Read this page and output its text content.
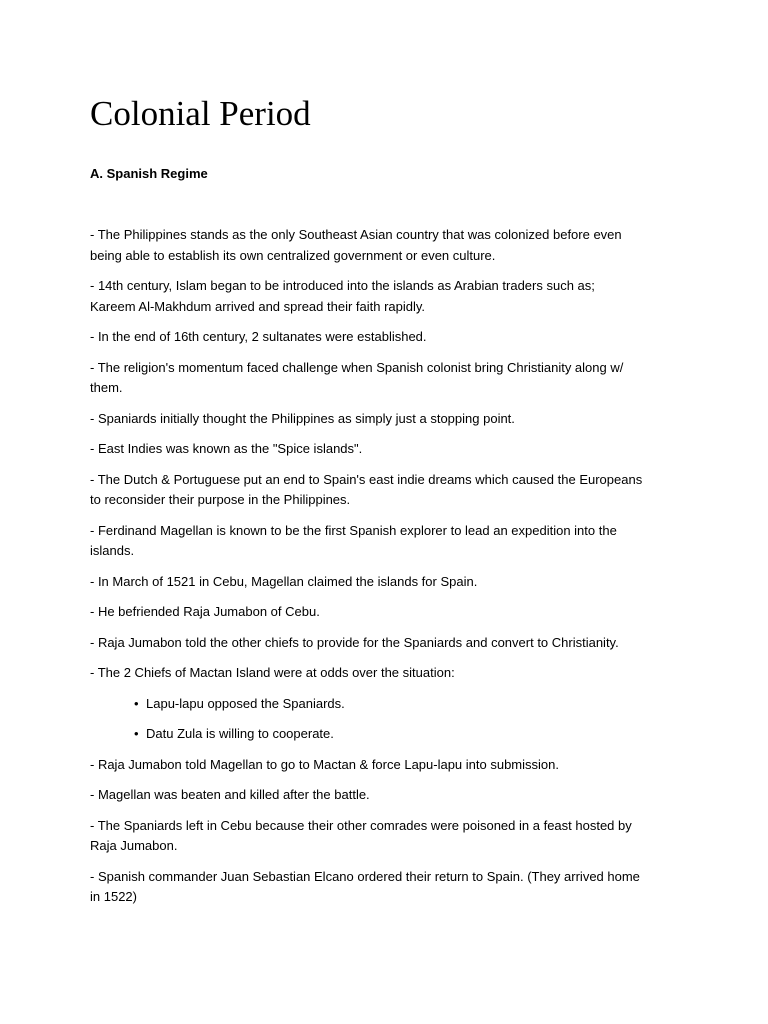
Colonial Period
A. Spanish Regime

- The Philippines stands as the only Southeast Asian country that was colonized before even
being able to establish its own centralized government or even culture.

- 14th century, Islam began to be introduced into the islands as Arabian traders such as;
Kareem Al-Makhdum arrived and spread their faith rapidly.

- In the end of 16th century, 2 sultanates were established.

- The religion's momentum faced challenge when Spanish colonist bring Christianity along w/
them.

- Spaniards initially thought the Philippines as simply just a stopping point.

- East Indies was known as the "Spice islands".

- The Dutch & Portuguese put an end to Spain's east indie dreams which caused the Europeans
to reconsider their purpose in the Philippines.

- Ferdinand Magellan is known to be the first Spanish explorer to lead an expedition into the
islands.

- In March of 1521 in Cebu, Magellan claimed the islands for Spain.

- He befriended Raja Jumabon of Cebu.

- Raja Jumabon told the other chiefs to provide for the Spaniards and convert to Christianity.

- The 2 Chiefs of Mactan Island were at odds over the situation:

• Lapu-lapu opposed the Spaniards.
• Datu Zula is willing to cooperate.

- Raja Jumabon told Magellan to go to Mactan & force Lapu-lapu into submission.

- Magellan was beaten and killed after the battle.

- The Spaniards left in Cebu because their other comrades were poisoned in a feast hosted by
Raja Jumabon.

- Spanish commander Juan Sebastian Elcano ordered their return to Spain. (They arrived home
in 1522)
